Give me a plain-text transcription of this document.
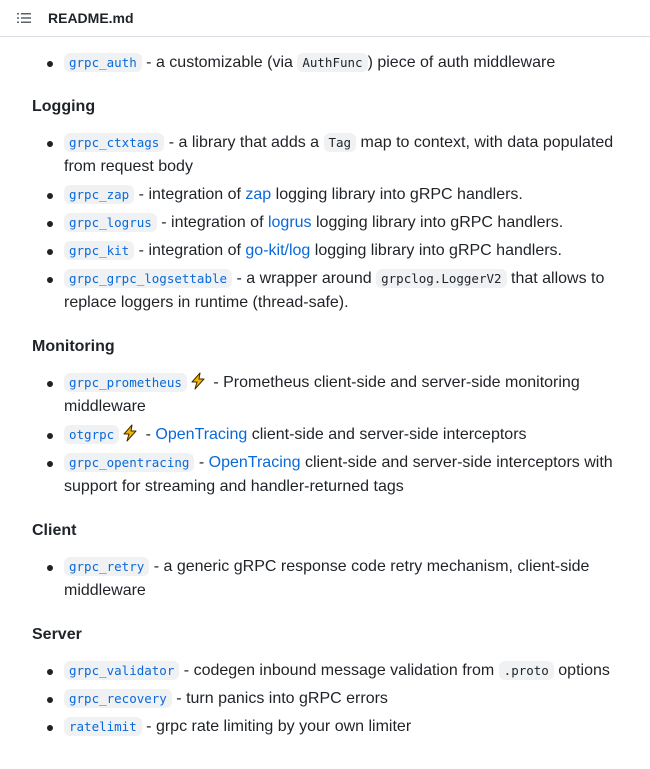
README.md
grpc_auth - a customizable (via AuthFunc ) piece of auth middleware
Logging
grpc_ctxtags - a library that adds a Tag map to context, with data populated from request body
grpc_zap - integration of zap logging library into gRPC handlers.
grpc_logrus - integration of logrus logging library into gRPC handlers.
grpc_kit - integration of go-kit/log logging library into gRPC handlers.
grpc_grpc_logsettable - a wrapper around grpclog.LoggerV2 that allows to replace loggers in runtime (thread-safe).
Monitoring
grpc_prometheus - Prometheus client-side and server-side monitoring middleware
otgrpc - OpenTracing client-side and server-side interceptors
grpc_opentracing - OpenTracing client-side and server-side interceptors with support for streaming and handler-returned tags
Client
grpc_retry - a generic gRPC response code retry mechanism, client-side middleware
Server
grpc_validator - codegen inbound message validation from .proto options
grpc_recovery - turn panics into gRPC errors
ratelimit - grpc rate limiting by your own limiter
